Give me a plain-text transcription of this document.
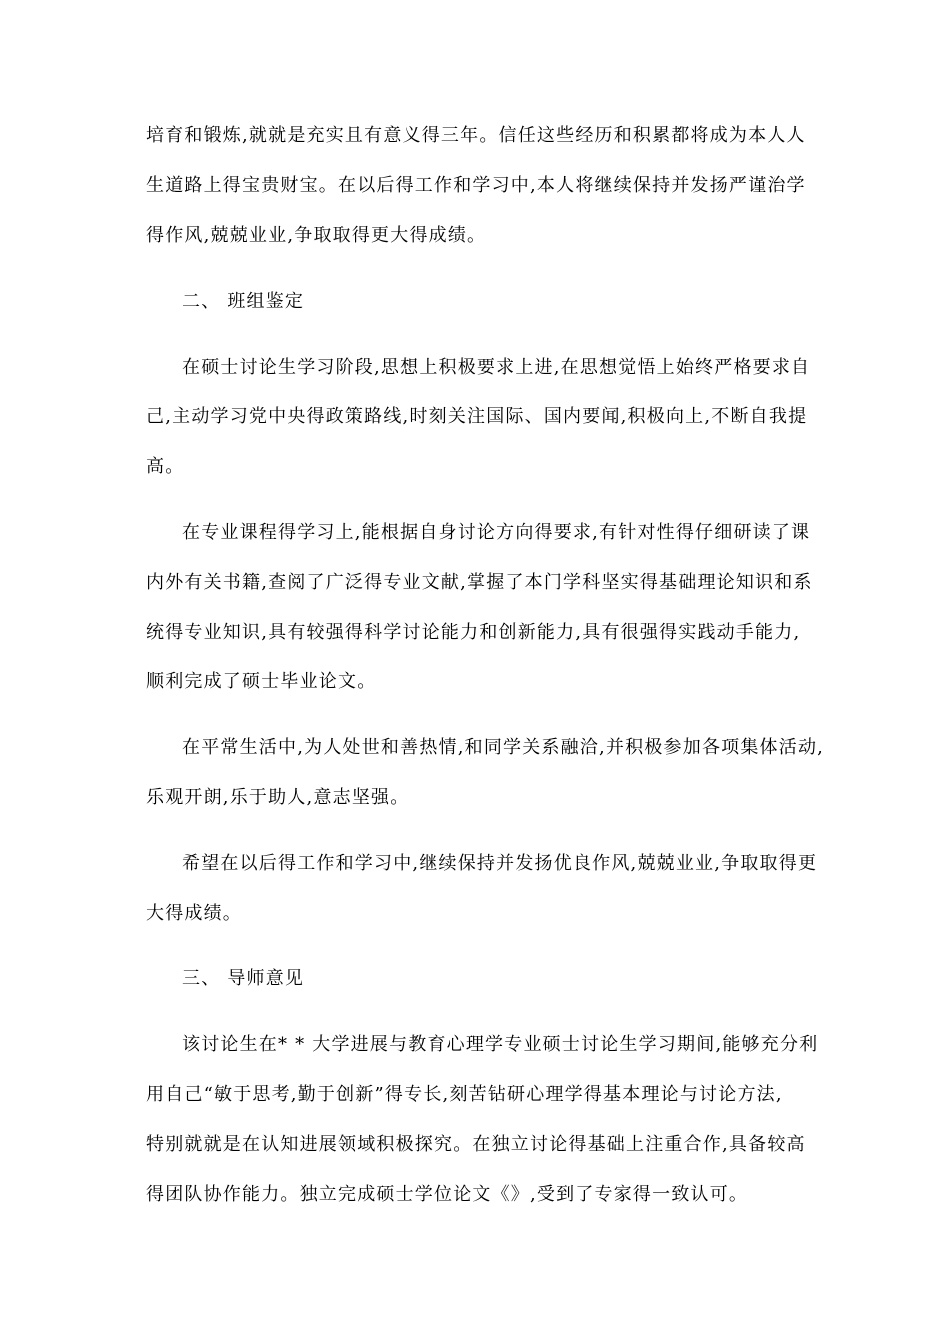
培育和锻炼,就就是充实且有意义得三年。信任这些经历和积累都将成为本人人
生道路上得宝贵财宝。在以后得工作和学习中,本人将继续保持并发扬严谨治学
得作风,兢兢业业,争取取得更大得成绩。
二、 班组鉴定
在硕士讨论生学习阶段,思想上积极要求上进,在思想觉悟上始终严格要求自
己,主动学习党中央得政策路线,时刻关注国际、国内要闻,积极向上,不断自我提
高。
在专业课程得学习上,能根据自身讨论方向得要求,有针对性得仔细研读了课
内外有关书籍,查阅了广泛得专业文献,掌握了本门学科坚实得基础理论知识和系
统得专业知识,具有较强得科学讨论能力和创新能力,具有很强得实践动手能力,
顺利完成了硕士毕业论文。
在平常生活中,为人处世和善热情,和同学关系融洽,并积极参加各项集体活动,
乐观开朗,乐于助人,意志坚强。
希望在以后得工作和学习中,继续保持并发扬优良作风,兢兢业业,争取取得更
大得成绩。
三、 导师意见
该讨论生在* * 大学进展与教育心理学专业硕士讨论生学习期间,能够充分利
用自己“敏于思考,勤于创新”得专长,刻苦钻研心理学得基本理论与讨论方法,
特别就就是在认知进展领域积极探究。在独立讨论得基础上注重合作,具备较高
得团队协作能力。独立完成硕士学位论文《》,受到了专家得一致认可。
